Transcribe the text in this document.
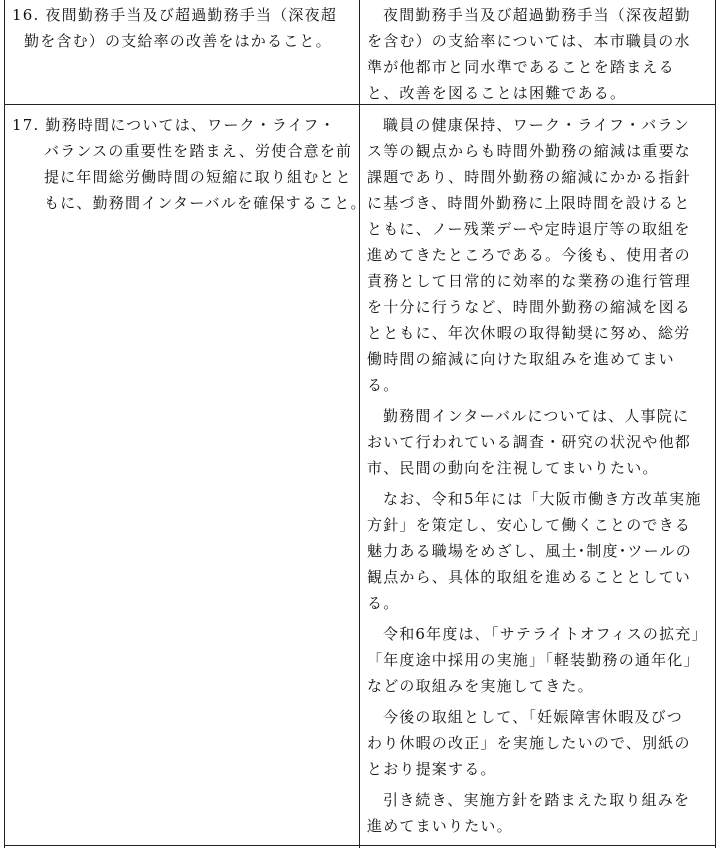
16. 夜間勤務手当及び超過勤務手当（深夜超
勤を含む）の支給率の改善をはかること。
夜間勤務手当及び超過勤務手当（深夜超勤
を含む）の支給率については、本市職員の水
準が他都市と同水準であることを踏まえる
と、改善を図ることは困難である。
17. 勤務時間については、ワーク・ライフ・
バランスの重要性を踏まえ、労使合意を前
提に年間総労働時間の短縮に取り組むとと
もに、勤務間インターバルを確保すること。
職員の健康保持、ワーク・ライフ・バラン
ス等の観点からも時間外勤務の縮減は重要な
課題であり、時間外勤務の縮減にかかる指針
に基づき、時間外勤務に上限時間を設けると
ともに、ノー残業デーや定時退庁等の取組を
進めてきたところである。今後も、使用者の
責務として日常的に効率的な業務の進行管理
を十分に行うなど、時間外勤務の縮減を図る
とともに、年次休暇の取得勧奨に努め、総労
働時間の縮減に向けた取組みを進めてまい
る。
勤務間インターバルについては、人事院に
おいて行われている調査・研究の状況や他都
市、民間の動向を注視してまいりたい。
なお、令和5年には「大阪市働き方改革実施
方針」を策定し、安心して働くことのできる
魅力ある職場をめざし、風土･制度･ツールの
観点から、具体的取組を進めることとしてい
る。
令和6年度は､「サテライトオフィスの拡充」
「年度途中採用の実施」「軽装勤務の通年化」
などの取組みを実施してきた。
今後の取組として、「妊娠障害休暇及びつ
わり休暇の改正」を実施したいので、別紙の
とおり提案する。
引き続き、実施方針を踏まえた取り組みを
進めてまいりたい。
